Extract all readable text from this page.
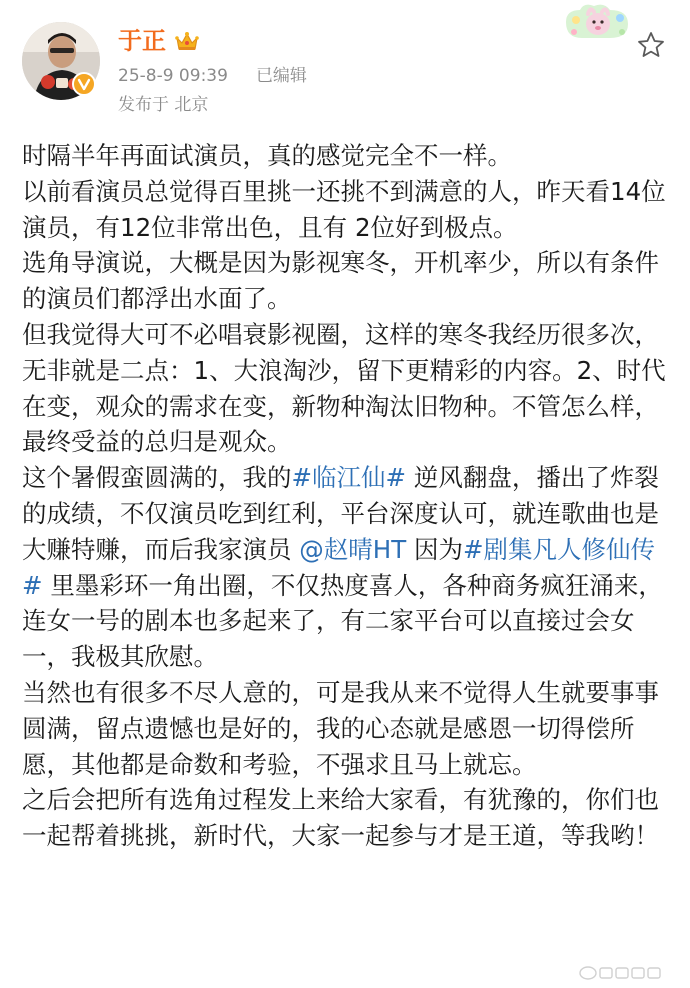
于正
25-8-9 09:39 已编辑
发布于 北京

时隔半年再面试演员，真的感觉完全不一样。

以前看演员总觉得百里挑一还挑不到满意的人，昨天看14位演员，有12位非常出色，且有 2位好到极点。

选角导演说，大概是因为影视寒冬，开机率少，所以有条件的演员们都浮出水面了。

但我觉得大可不必唱衰影视圈，这样的寒冬我经历很多次，无非就是二点：1、大浪淘沙，留下更精彩的内容。2、时代在变，观众的需求在变，新物种淘汰旧物种。不管怎么样，最终受益的总归是观众。

这个暑假蛮圆满的，我的#临江仙# 逆风翻盘，播出了炸裂的成绩，不仅演员吃到红利，平台深度认可，就连歌曲也是大赚特赚，而后我家演员 @赵晴HT 因为#剧集凡人修仙传# 里墨彩环一角出圈，不仅热度喜人，各种商务疯狂涌来，连女一号的剧本也多起来了，有二家平台可以直接过会女一，我极其欣慰。

当然也有很多不尽人意的，可是我从来不觉得人生就要事事圆满，留点遗憾也是好的，我的心态就是感恩一切得偿所愿，其他都是命数和考验，不强求且马上就忘。

之后会把所有选角过程发上来给大家看，有犹豫的，你们也一起帮着挑挑，新时代，大家一起参与才是王道，等我哟！
